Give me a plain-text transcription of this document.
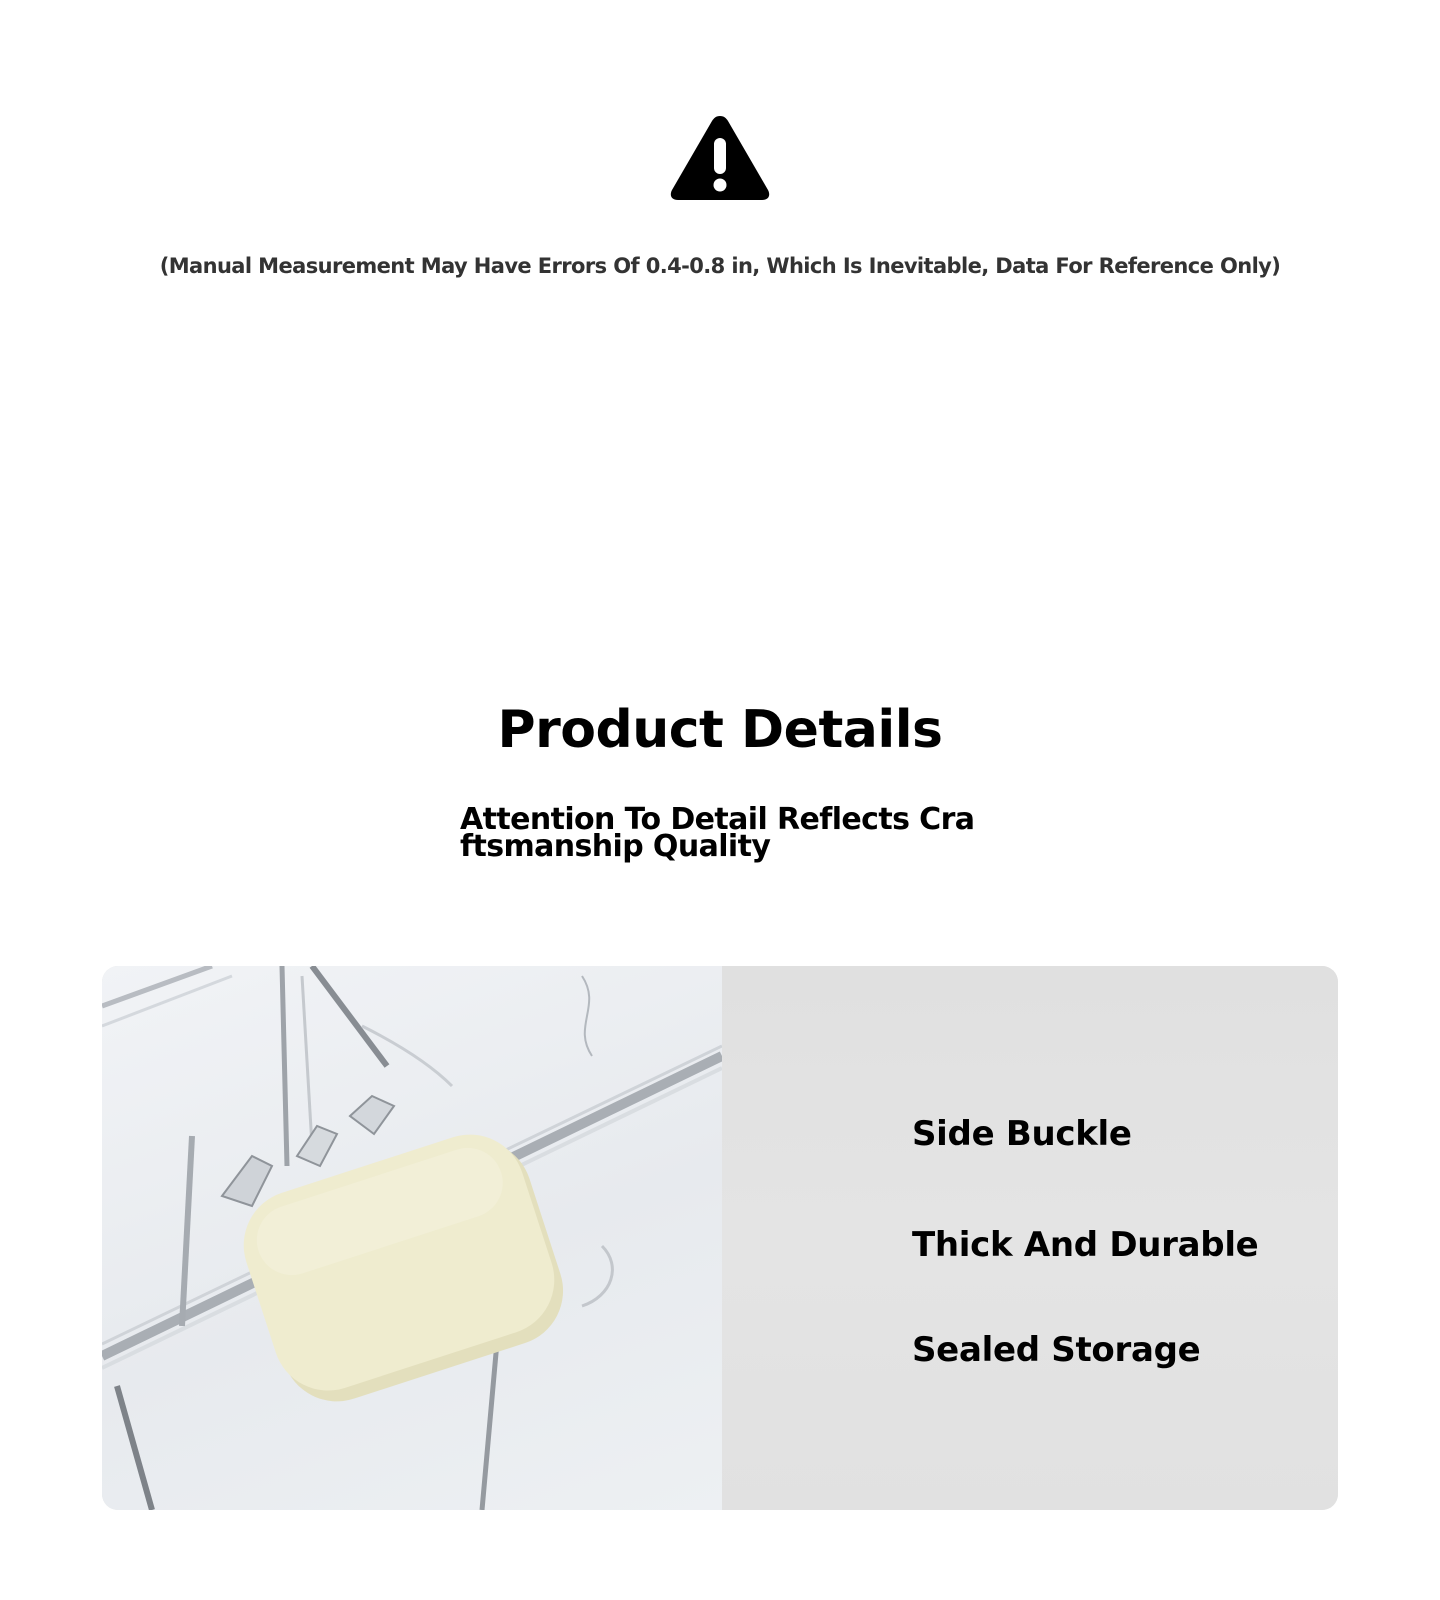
(Manual Measurement May Have Errors Of 0.4-0.8 in, Which Is Inevitable, Data For Reference Only)
Product Details
Attention To Detail Reflects Craftsmanship Quality
Side Buckle
Thick And Durable
Sealed Storage
